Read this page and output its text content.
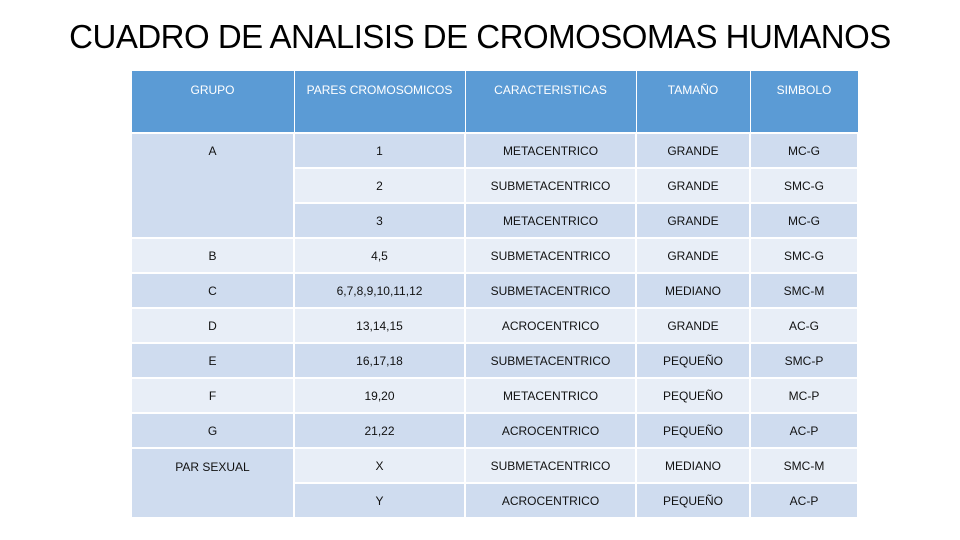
CUADRO DE ANALISIS DE CROMOSOMAS HUMANOS
GRUPO	PARES CROMOSOMICOS	CARACTERISTICAS	TAMAÑO	SIMBOLO
A	1	METACENTRICO	GRANDE	MC-G
	2	SUBMETACENTRICO	GRANDE	SMC-G
	3	METACENTRICO	GRANDE	MC-G
B	4,5	SUBMETACENTRICO	GRANDE	SMC-G
C	6,7,8,9,10,11,12	SUBMETACENTRICO	MEDIANO	SMC-M
D	13,14,15	ACROCENTRICO	GRANDE	AC-G
E	16,17,18	SUBMETACENTRICO	PEQUEÑO	SMC-P
F	19,20	METACENTRICO	PEQUEÑO	MC-P
G	21,22	ACROCENTRICO	PEQUEÑO	AC-P
PAR SEXUAL	X	SUBMETACENTRICO	MEDIANO	SMC-M
	Y	ACROCENTRICO	PEQUEÑO	AC-P
